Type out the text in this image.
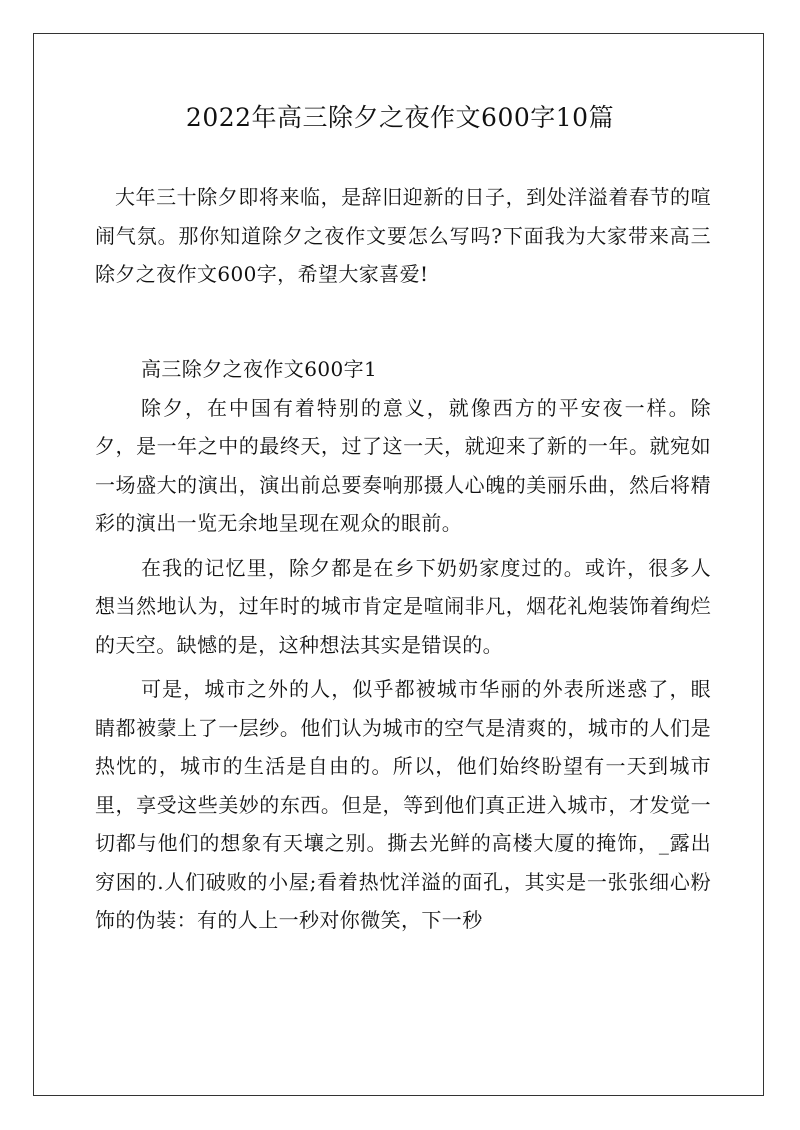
2022年高三除夕之夜作文600字10篇
大年三十除夕即将来临，是辞旧迎新的日子，到处洋溢着春节的喧闹气氛。那你知道除夕之夜作文要怎么写吗?下面我为大家带来高三除夕之夜作文600字，希望大家喜爱!

高三除夕之夜作文600字1

除夕，在中国有着特别的意义，就像西方的平安夜一样。除夕，是一年之中的最终天，过了这一天，就迎来了新的一年。就宛如一场盛大的演出，演出前总要奏响那摄人心魄的美丽乐曲，然后将精彩的演出一览无余地呈现在观众的眼前。

在我的记忆里，除夕都是在乡下奶奶家度过的。或许，很多人想当然地认为，过年时的城市肯定是喧闹非凡，烟花礼炮装饰着绚烂的天空。缺憾的是，这种想法其实是错误的。

可是，城市之外的人，似乎都被城市华丽的外表所迷惑了，眼睛都被蒙上了一层纱。他们认为城市的空气是清爽的，城市的人们是热忱的，城市的生活是自由的。所以，他们始终盼望有一天到城市里，享受这些美妙的东西。但是，等到他们真正进入城市，才发觉一切都与他们的想象有天壤之别。撕去光鲜的高楼大厦的掩饰，_露出穷困的.人们破败的小屋;看着热忱洋溢的面孔，其实是一张张细心粉饰的伪装：有的人上一秒对你微笑，下一秒
